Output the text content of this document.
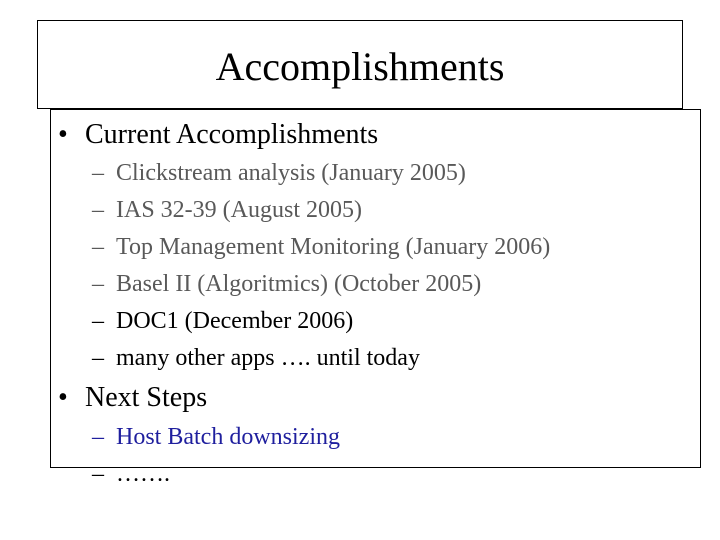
Accomplishments
• Current Accomplishments
– Clickstream analysis (January 2005)
– IAS 32-39 (August 2005)
– Top Management Monitoring (January 2006)
– Basel II (Algoritmics) (October 2005)
– DOC1 (December 2006)
– many other apps …. until today
• Next Steps
– Host Batch downsizing
– …….
